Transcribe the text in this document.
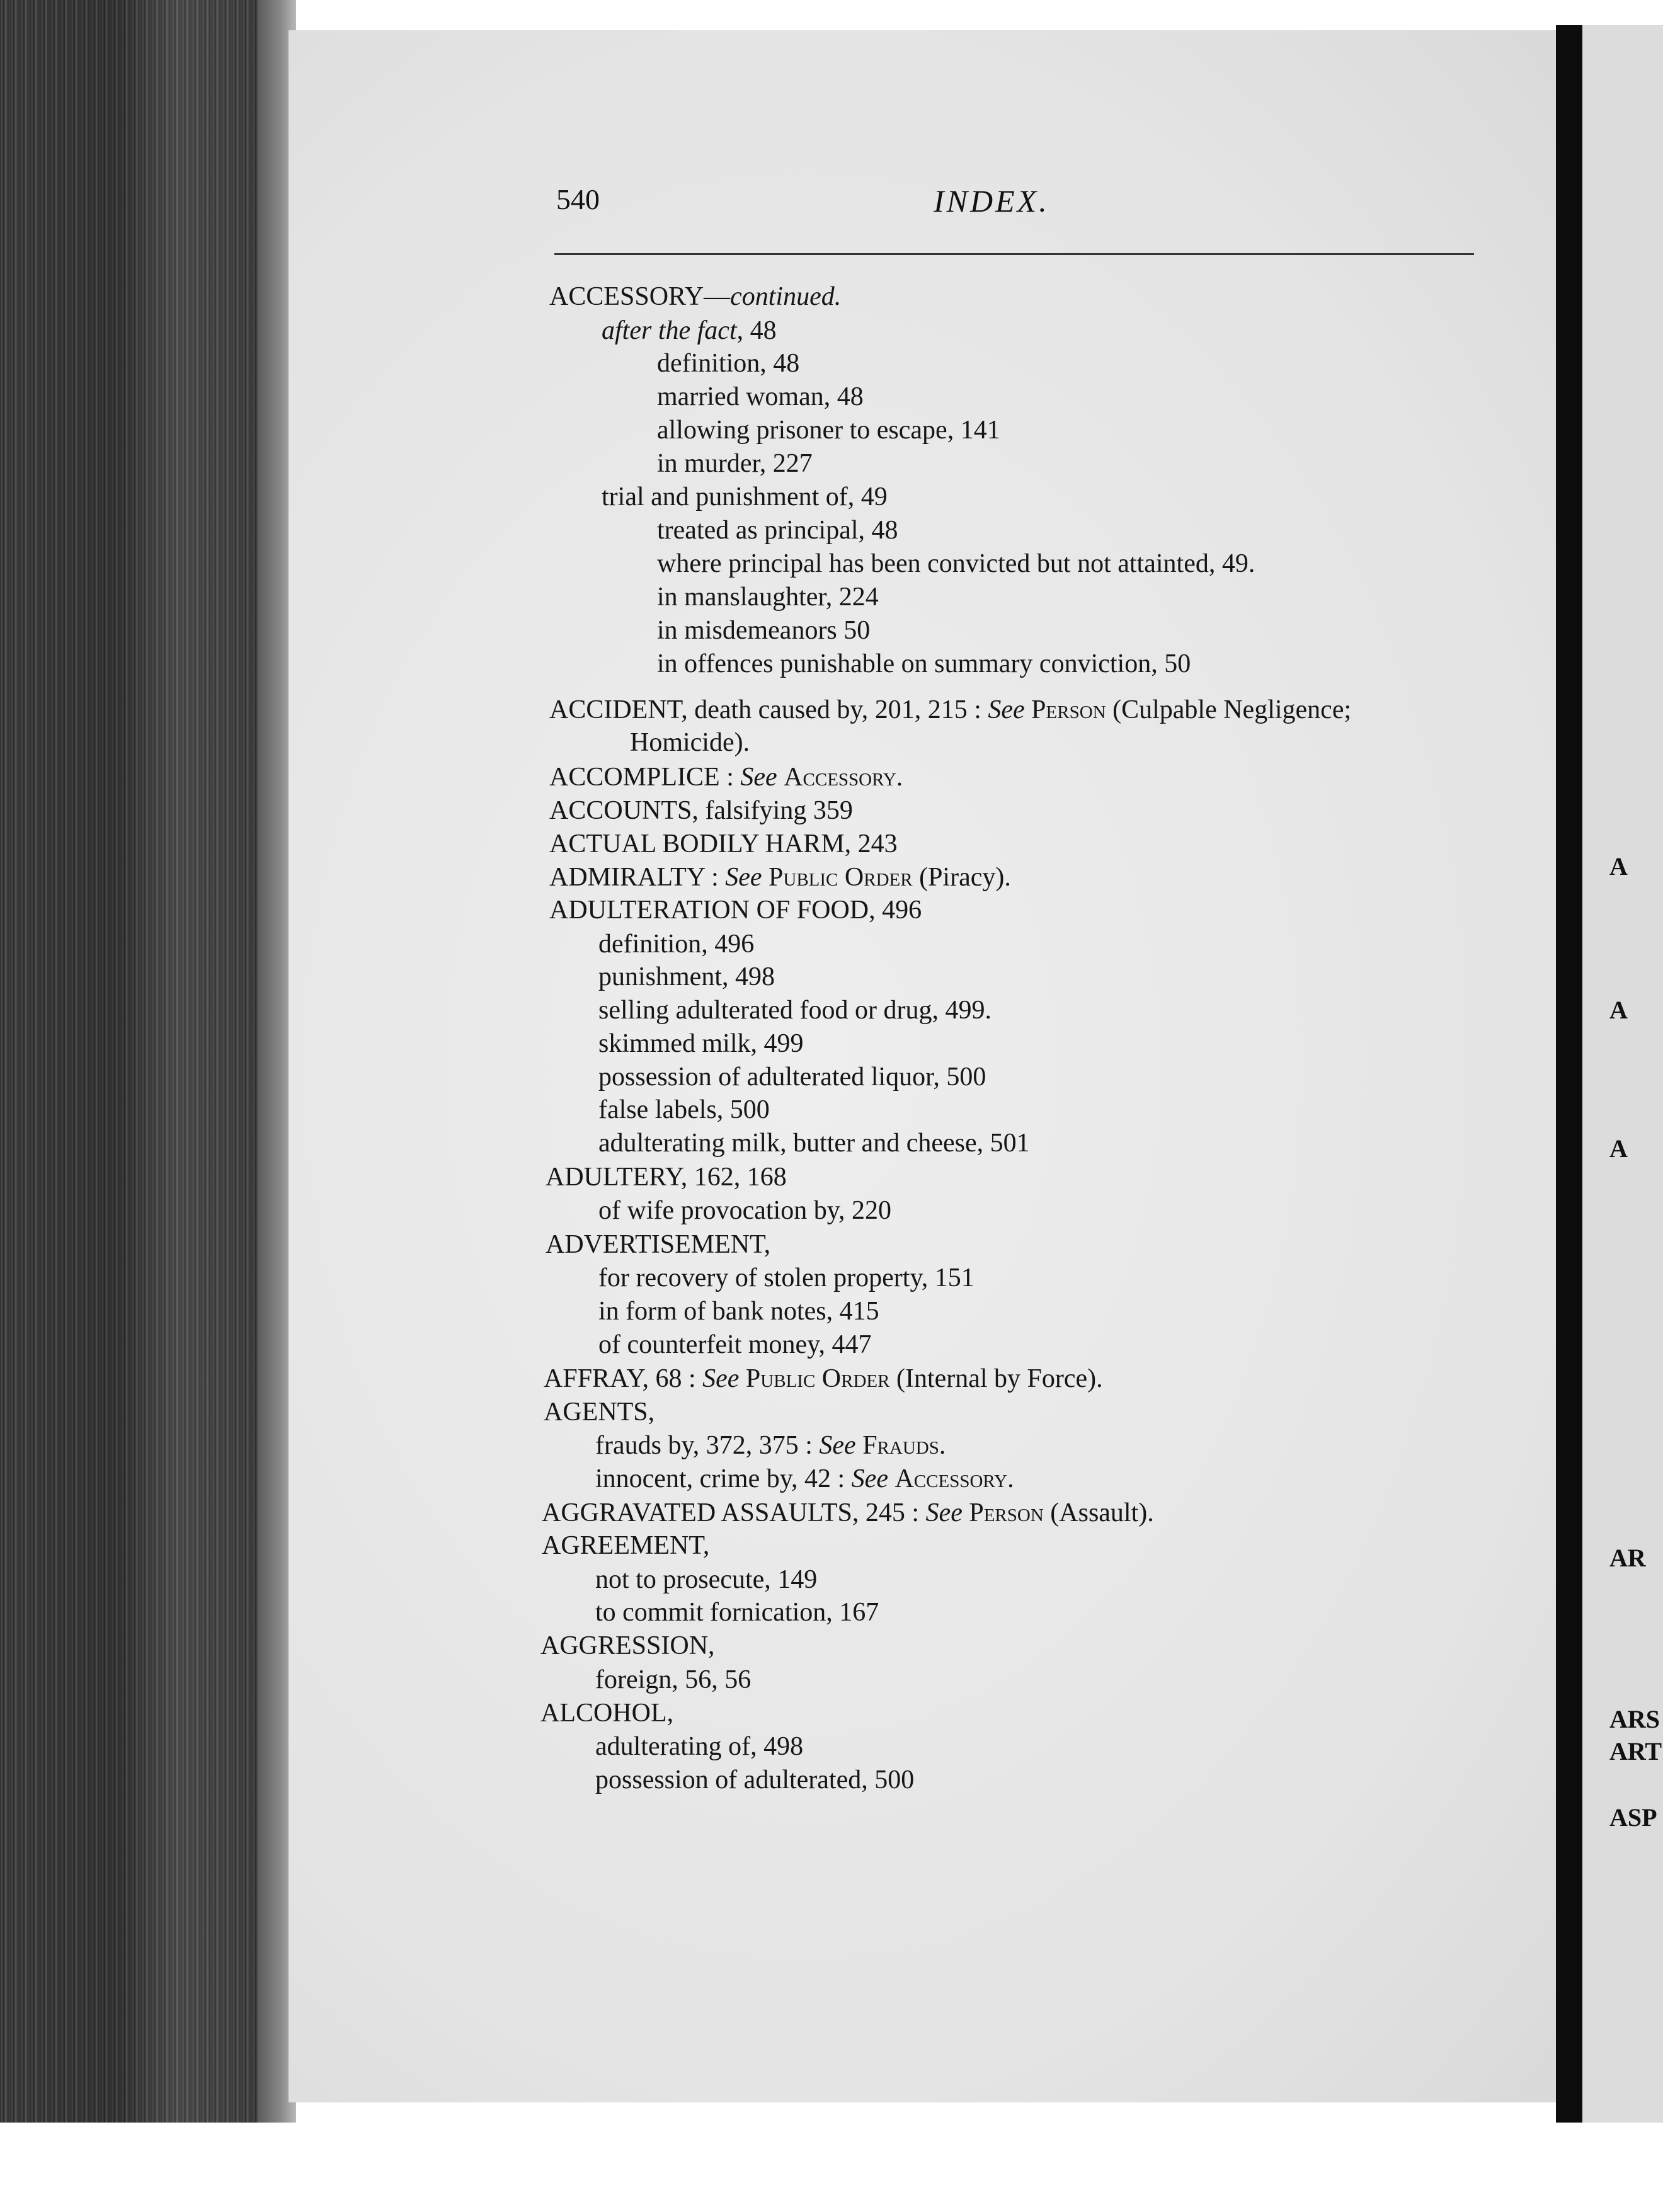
540	INDEX.
ACCESSORY—continued.
after the fact, 48
definition, 48
married woman, 48
allowing prisoner to escape, 141
in murder, 227
trial and punishment of, 49
treated as principal, 48
where principal has been convicted but not attainted, 49.
in manslaughter, 224
in misdemeanors 50
in offences punishable on summary conviction, 50
ACCIDENT, death caused by, 201, 215 : See Person (Culpable Negligence;
Homicide).
ACCOMPLICE : See Accessory.
ACCOUNTS, falsifying 359
ACTUAL BODILY HARM, 243
ADMIRALTY : See Public Order (Piracy).
ADULTERATION OF FOOD, 496
definition, 496
punishment, 498
selling adulterated food or drug, 499.
skimmed milk, 499
possession of adulterated liquor, 500
false labels, 500
adulterating milk, butter and cheese, 501
ADULTERY, 162, 168
of wife provocation by, 220
ADVERTISEMENT,
for recovery of stolen property, 151
in form of bank notes, 415
of counterfeit money, 447
AFFRAY, 68 : See Public Order (Internal by Force).
AGENTS,
frauds by, 372, 375 : See Frauds.
innocent, crime by, 42 : See Accessory.
AGGRAVATED ASSAULTS, 245 : See Person (Assault).
AGREEMENT,
not to prosecute, 149
to commit fornication, 167
AGGRESSION,
foreign, 56, 56
ALCOHOL,
adulterating of, 498
possession of adulterated, 500
A
A
A
AR
ARS
ART
ASP
